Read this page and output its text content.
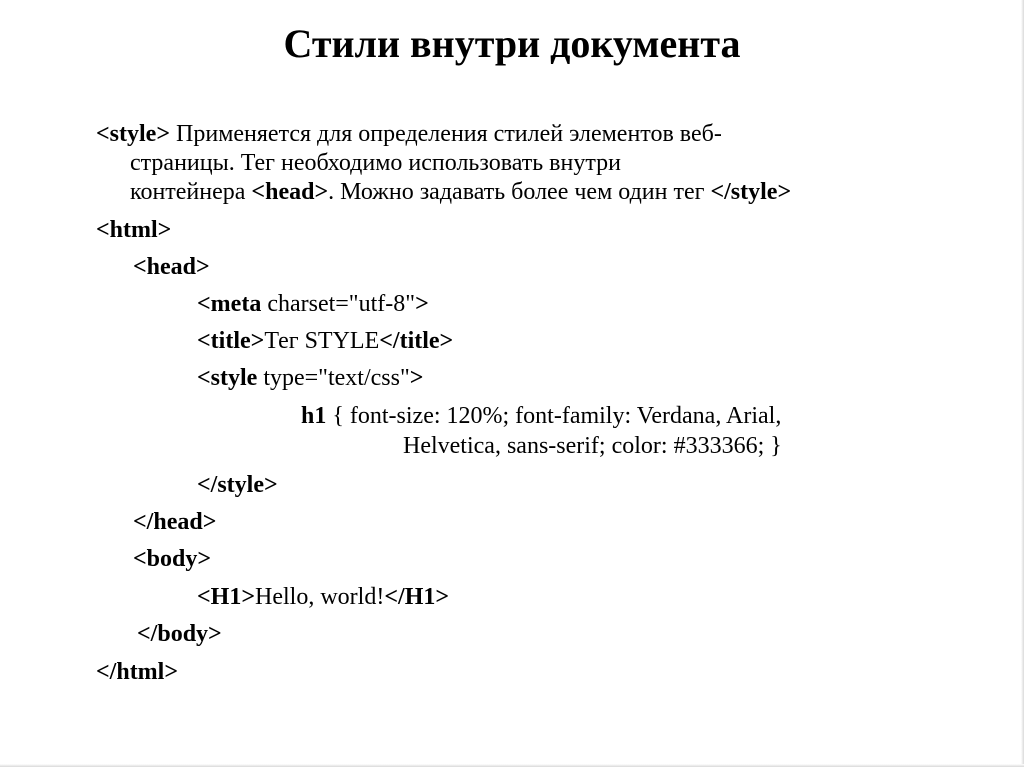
Стили внутри документа
<style> Применяется для определения стилей элементов веб-
страницы. Тег необходимо использовать внутри
контейнера <head>. Можно задавать более чем один тег </style>
<html>
<head>
<meta charset="utf-8">
<title>Тег STYLE</title>
<style type="text/css">
h1 { font-size: 120%; font-family: Verdana, Arial,
Helvetica, sans-serif; color: #333366; }
</style>
</head>
<body>
<H1>Hello, world!</H1>
</body>
</html>
